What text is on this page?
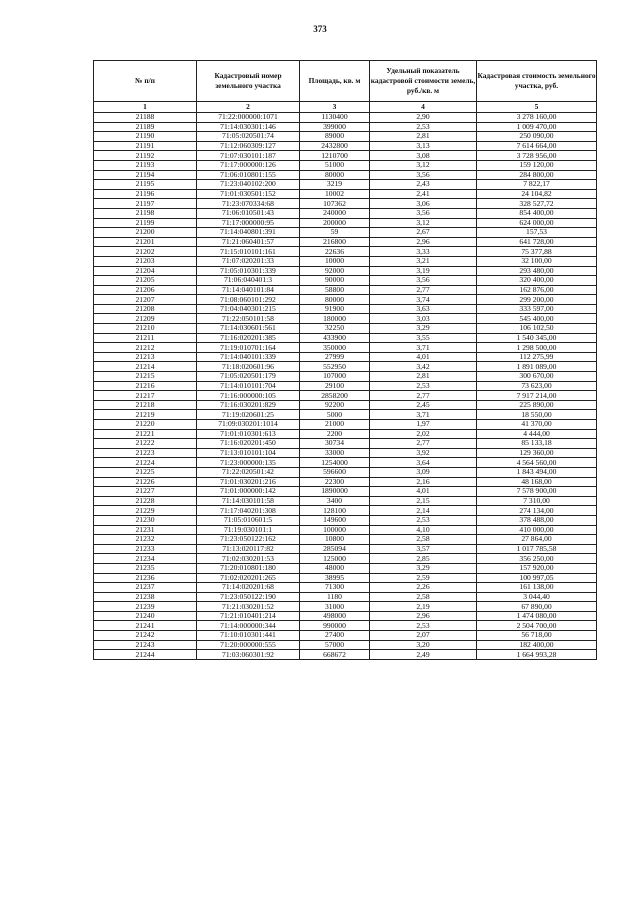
373
№ п/п	Кадастровый номер земельного участка	Площадь, кв. м	Удельный показатель кадастровой стоимости земель, руб./кв. м	Кадастровая стоимость земельного участка, руб.
1	2	3	4	5
21188	71:22:000000:1071	1130400	2,90	3 278 160,00
21189	71:14:030301:146	399000	2,53	1 009 470,00
21190	71:05:020501:74	89000	2,81	250 090,00
21191	71:12:060309:127	2432800	3,13	7 614 664,00
21192	71:07:030101:187	1210700	3,08	3 728 956,00
21193	71:17:000000:126	51000	3,12	159 120,00
21194	71:06:010801:155	80000	3,56	284 800,00
21195	71:23:040102:200	3219	2,43	7 822,17
21196	71:01:030501:152	10002	2,41	24 104,82
21197	71:23:070334:68	107362	3,06	328 527,72
21198	71:06:010501:43	240000	3,56	854 400,00
21199	71:17:000000:95	200000	3,12	624 000,00
21200	71:14:040801:391	59	2,67	157,53
21201	71:21:060401:57	216800	2,96	641 728,00
21202	71:15:010101:161	22636	3,33	75 377,88
21203	71:07:020201:33	10000	3,21	32 100,00
21204	71:05:010301:339	92000	3,19	293 480,00
21205	71:06:040401:3	90000	3,56	320 400,00
21206	71:14:040101:84	58800	2,77	162 876,00
21207	71:08:060101:292	80000	3,74	299 200,00
21208	71:04:040301:215	91900	3,63	333 597,00
21209	71:22:050101:58	180000	3,03	545 400,00
21210	71:14:030601:561	32250	3,29	106 102,50
21211	71:16:020201:385	433900	3,55	1 540 345,00
21212	71:19:010701:164	350000	3,71	1 298 500,00
21213	71:14:040101:339	27999	4,01	112 275,99
21214	71:18:020601:96	552950	3,42	1 891 089,00
21215	71:05:020501:179	107000	2,81	300 670,00
21216	71:14:010101:704	29100	2,53	73 623,00
21217	71:16:000000:105	2858200	2,77	7 917 214,00
21218	71:16:030201:829	92200	2,45	225 890,00
21219	71:19:020601:25	5000	3,71	18 550,00
21220	71:09:030201:1014	21000	1,97	41 370,00
21221	71:01:010301:613	2200	2,02	4 444,00
21222	71:16:020201:450	30734	2,77	85 133,18
21223	71:13:010101:104	33000	3,92	129 360,00
21224	71:23:000000:135	1254000	3,64	4 564 560,00
21225	71:22:020501:42	596600	3,09	1 843 494,00
21226	71:01:030201:216	22300	2,16	48 168,00
21227	71:01:000000:142	1890000	4,01	7 578 900,00
21228	71:14:030101:58	3400	2,15	7 310,00
21229	71:17:040201:308	128100	2,14	274 134,00
21230	71:05:010601:5	149600	2,53	378 488,00
21231	71:19:030101:1	100000	4,10	410 000,00
21232	71:23:050122:162	10800	2,58	27 864,00
21233	71:13:020117:82	285094	3,57	1 017 785,58
21234	71:02:030201:53	125000	2,85	356 250,00
21235	71:20:010801:180	48000	3,29	157 920,00
21236	71:02:020201:265	38995	2,59	100 997,05
21237	71:14:020201:68	71300	2,26	161 138,00
21238	71:23:050122:190	1180	2,58	3 044,40
21239	71:21:030201:52	31000	2,19	67 890,00
21240	71:21:010401:214	498000	2,96	1 474 080,00
21241	71:14:000000:344	990000	2,53	2 504 700,00
21242	71:10:010301:441	27400	2,07	56 718,00
21243	71:20:000000:555	57000	3,20	182 400,00
21244	71:03:060301:92	668672	2,49	1 664 993,28
